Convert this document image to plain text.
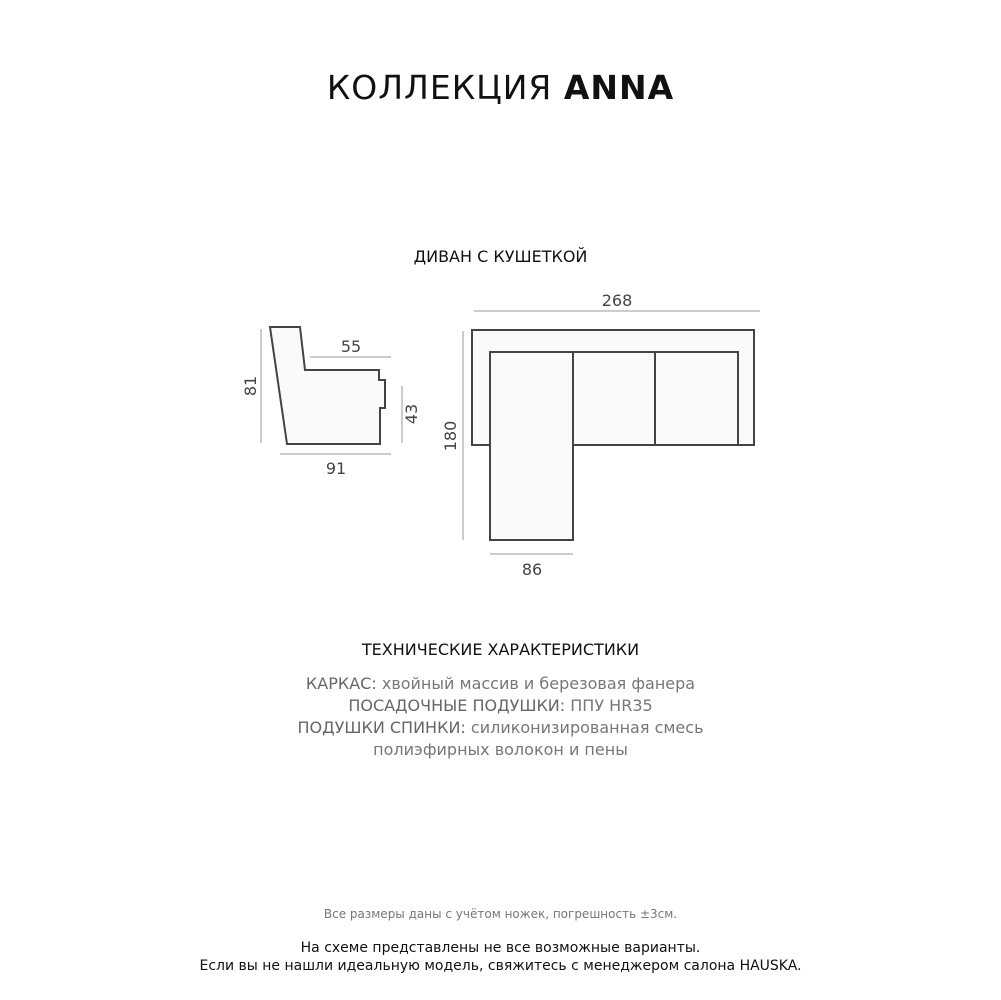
КОЛЛЕКЦИЯ ANNA
ДИВАН С КУШЕТКОЙ
81
55
43
91
268
180
86
ТЕХНИЧЕСКИЕ ХАРАКТЕРИСТИКИ
КАРКАС: хвойный массив и березовая фанера
ПОСАДОЧНЫЕ ПОДУШКИ: ППУ HR35
ПОДУШКИ СПИНКИ: силиконизированная смесь
полиэфирных волокон и пены
Все размеры даны с учётом ножек, погрешность ±3см.
На схеме представлены не все возможные варианты.
Если вы не нашли идеальную модель, свяжитесь с менеджером салона HAUSKA.
